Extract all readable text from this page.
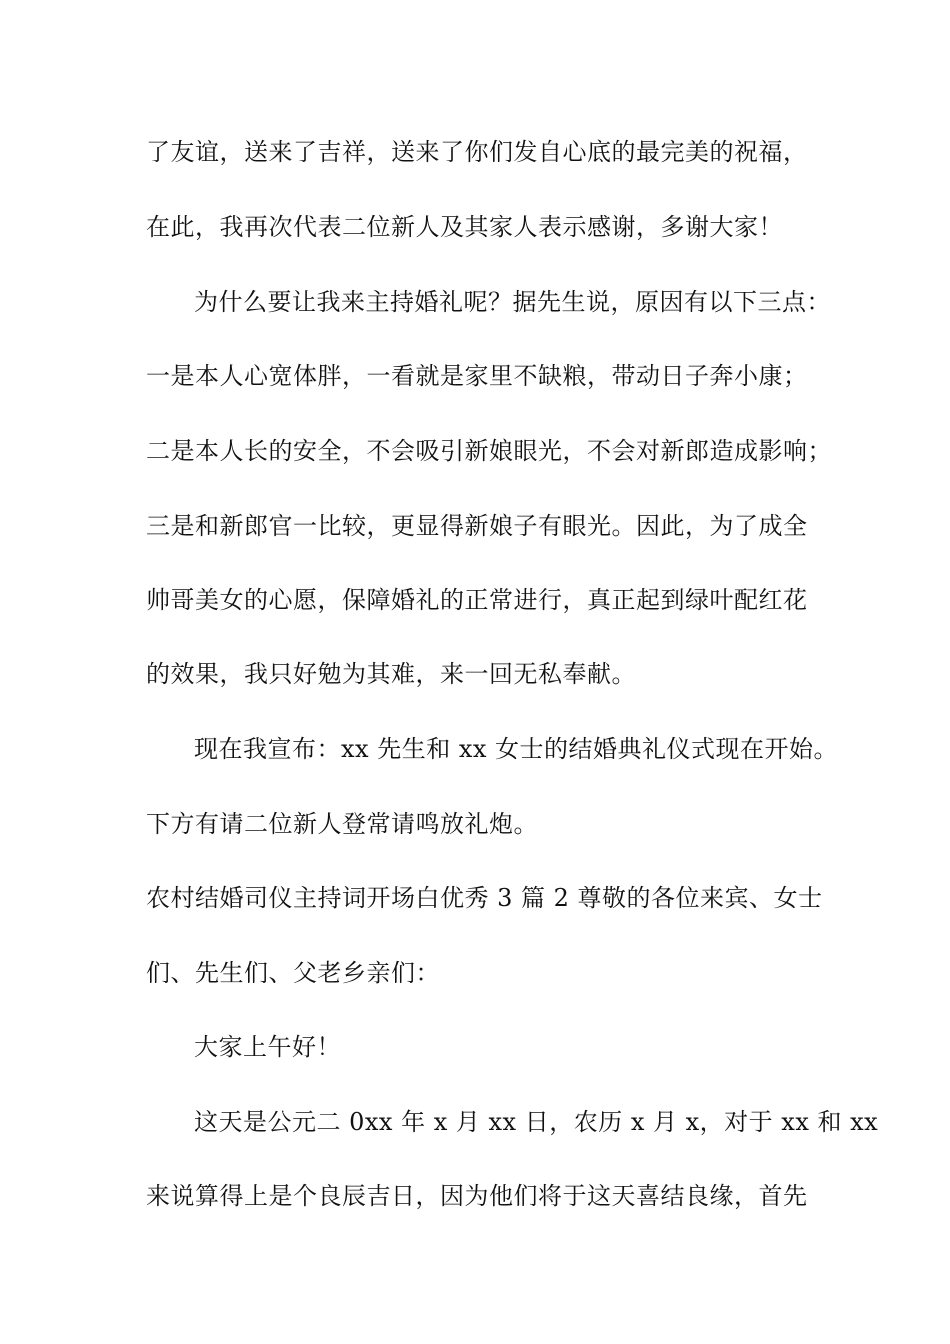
了友谊，送来了吉祥，送来了你们发自心底的最完美的祝福，
在此，我再次代表二位新人及其家人表示感谢，多谢大家！
为什么要让我来主持婚礼呢？据先生说，原因有以下三点：
一是本人心宽体胖，一看就是家里不缺粮，带动日子奔小康；
二是本人长的安全，不会吸引新娘眼光，不会对新郎造成影响；
三是和新郎官一比较，更显得新娘子有眼光。因此，为了成全
帅哥美女的心愿，保障婚礼的正常进行，真正起到绿叶配红花
的效果，我只好勉为其难，来一回无私奉献。
现在我宣布：xx 先生和 xx 女士的结婚典礼仪式现在开始。
下方有请二位新人登常请鸣放礼炮。
农村结婚司仪主持词开场白优秀 3 篇 2 尊敬的各位来宾、女士
们、先生们、父老乡亲们：
大家上午好！
这天是公元二 0xx 年 x 月 xx 日，农历 x 月 x，对于 xx 和 xx
来说算得上是个良辰吉日，因为他们将于这天喜结良缘，首先
